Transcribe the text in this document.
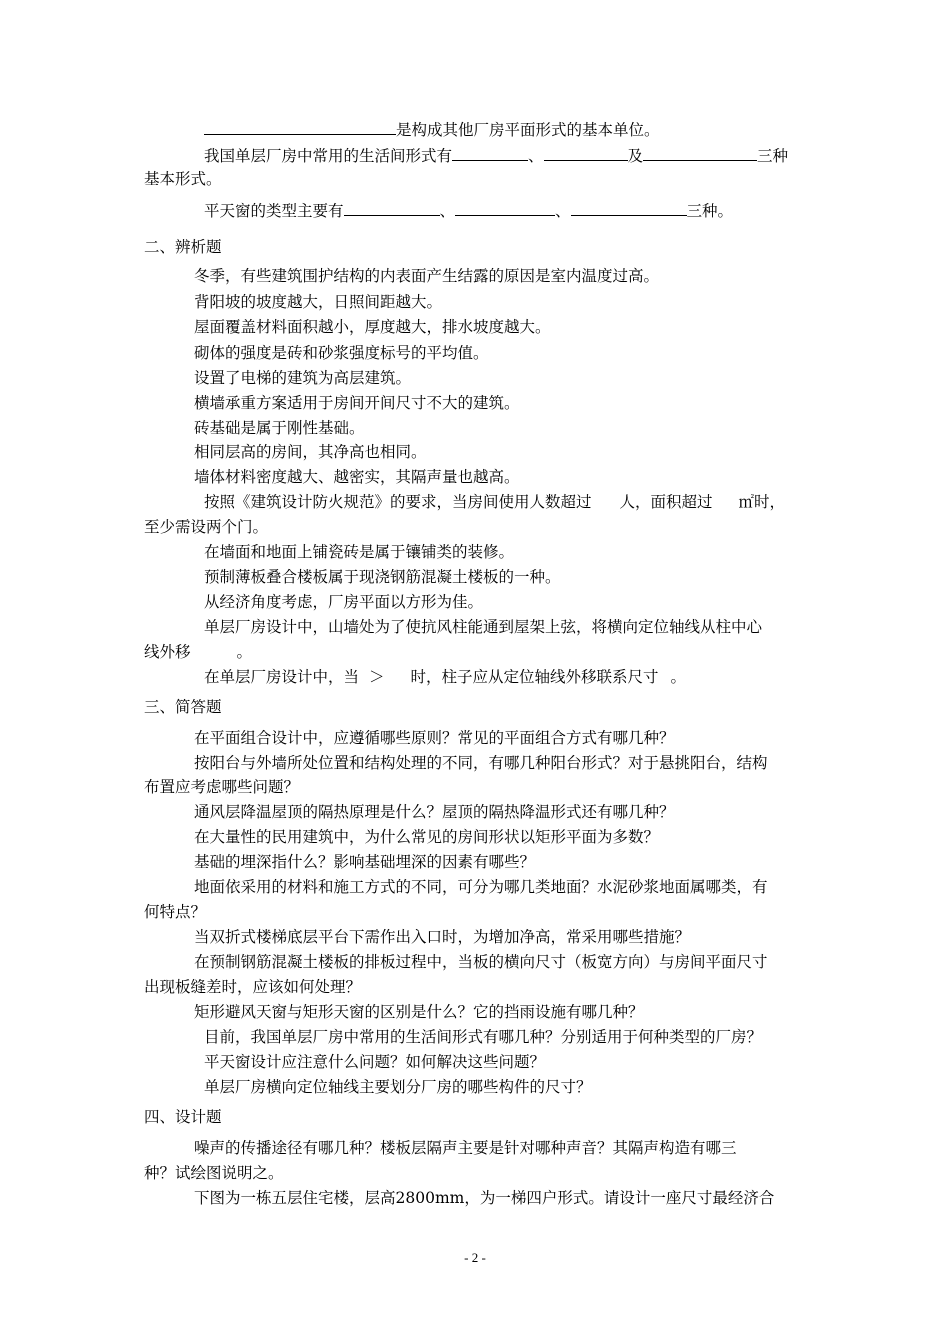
是构成其他厂房平面形式的基本单位。
我国单层厂房中常用的生活间形式有	、	及	三种
基本形式。
平天窗的类型主要有	、	、	三种。
二、辨析题
冬季，有些建筑围护结构的内表面产生结露的原因是室内温度过高。
背阳坡的坡度越大，日照间距越大。
屋面覆盖材料面积越小，厚度越大，排水坡度越大。
砌体的强度是砖和砂浆强度标号的平均值。
设置了电梯的建筑为高层建筑。
横墙承重方案适用于房间开间尺寸不大的建筑。
砖基础是属于刚性基础。
相同层高的房间，其净高也相同。
墙体材料密度越大、越密实，其隔声量也越高。
按照《建筑设计防火规范》的要求，当房间使用人数超过 人，面积超过 ㎡时，
至少需设两个门。
在墙面和地面上铺瓷砖是属于镶铺类的装修。
预制薄板叠合楼板属于现浇钢筋混凝土楼板的一种。
从经济角度考虑，厂房平面以方形为佳。
单层厂房设计中，山墙处为了使抗风柱能通到屋架上弦，将横向定位轴线从柱中心
线外移	。
在单层厂房设计中，当 ＞ 时，柱子应从定位轴线外移联系尺寸 。
三、简答题
在平面组合设计中，应遵循哪些原则？常见的平面组合方式有哪几种？
按阳台与外墙所处位置和结构处理的不同，有哪几种阳台形式？对于悬挑阳台，结构
布置应考虑哪些问题？
通风层降温屋顶的隔热原理是什么？屋顶的隔热降温形式还有哪几种？
在大量性的民用建筑中，为什么常见的房间形状以矩形平面为多数？
基础的埋深指什么？影响基础埋深的因素有哪些？
地面依采用的材料和施工方式的不同，可分为哪几类地面？水泥砂浆地面属哪类，有
何特点？
当双折式楼梯底层平台下需作出入口时，为增加净高，常采用哪些措施？
在预制钢筋混凝土楼板的排板过程中，当板的横向尺寸（板宽方向）与房间平面尺寸
出现板缝差时，应该如何处理？
矩形避风天窗与矩形天窗的区别是什么？它的挡雨设施有哪几种？
目前，我国单层厂房中常用的生活间形式有哪几种？分别适用于何种类型的厂房？
平天窗设计应注意什么问题？如何解决这些问题？
单层厂房横向定位轴线主要划分厂房的哪些构件的尺寸？
四、设计题
噪声的传播途径有哪几种？楼板层隔声主要是针对哪种声音？其隔声构造有哪三
种？试绘图说明之。
下图为一栋五层住宅楼，层高2800mm，为一梯四户形式。请设计一座尺寸最经济合
- 2 -
